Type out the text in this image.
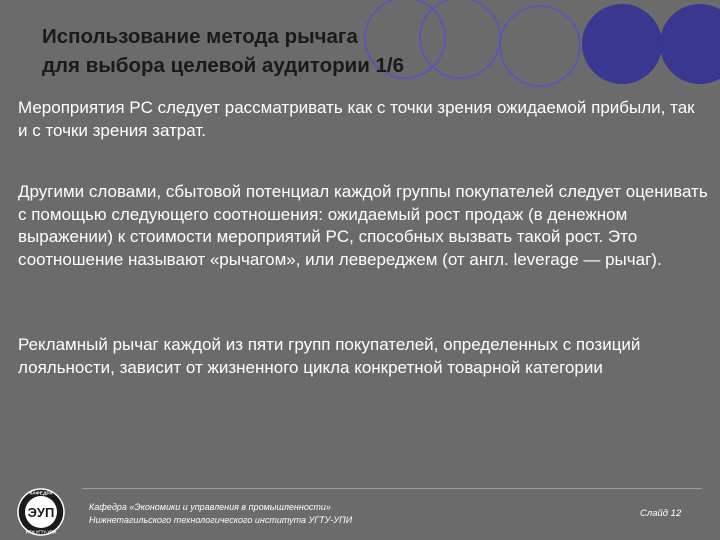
Использование метода рычага
для выбора целевой аудитории 1/6
Мероприятия PC следует рассматривать как с точки зрения ожидаемой прибыли, так и с точки зрения затрат.
Другими словами, сбытовой потенциал каждой группы покупателей следует оценивать с помощью следующего соотношения: ожидаемый рост продаж (в денежном выражении) к стоимости мероприятий PC, способных вызвать такой рост. Это соотношение называют «рычагом», или левереджем (от англ. leverage — рычаг).
Рекламный рычаг каждой из пяти групп покупателей, определенных с позиций лояльности, зависит от жизненного цикла конкретной товарной категории
ЭУП
КАФЕДРА
НТИ УГТУ-УПИ
Кафедра «Экономики и управления в промышленности»
Нижнетагильского технологического института УГТУ-УПИ
Слайд 12
